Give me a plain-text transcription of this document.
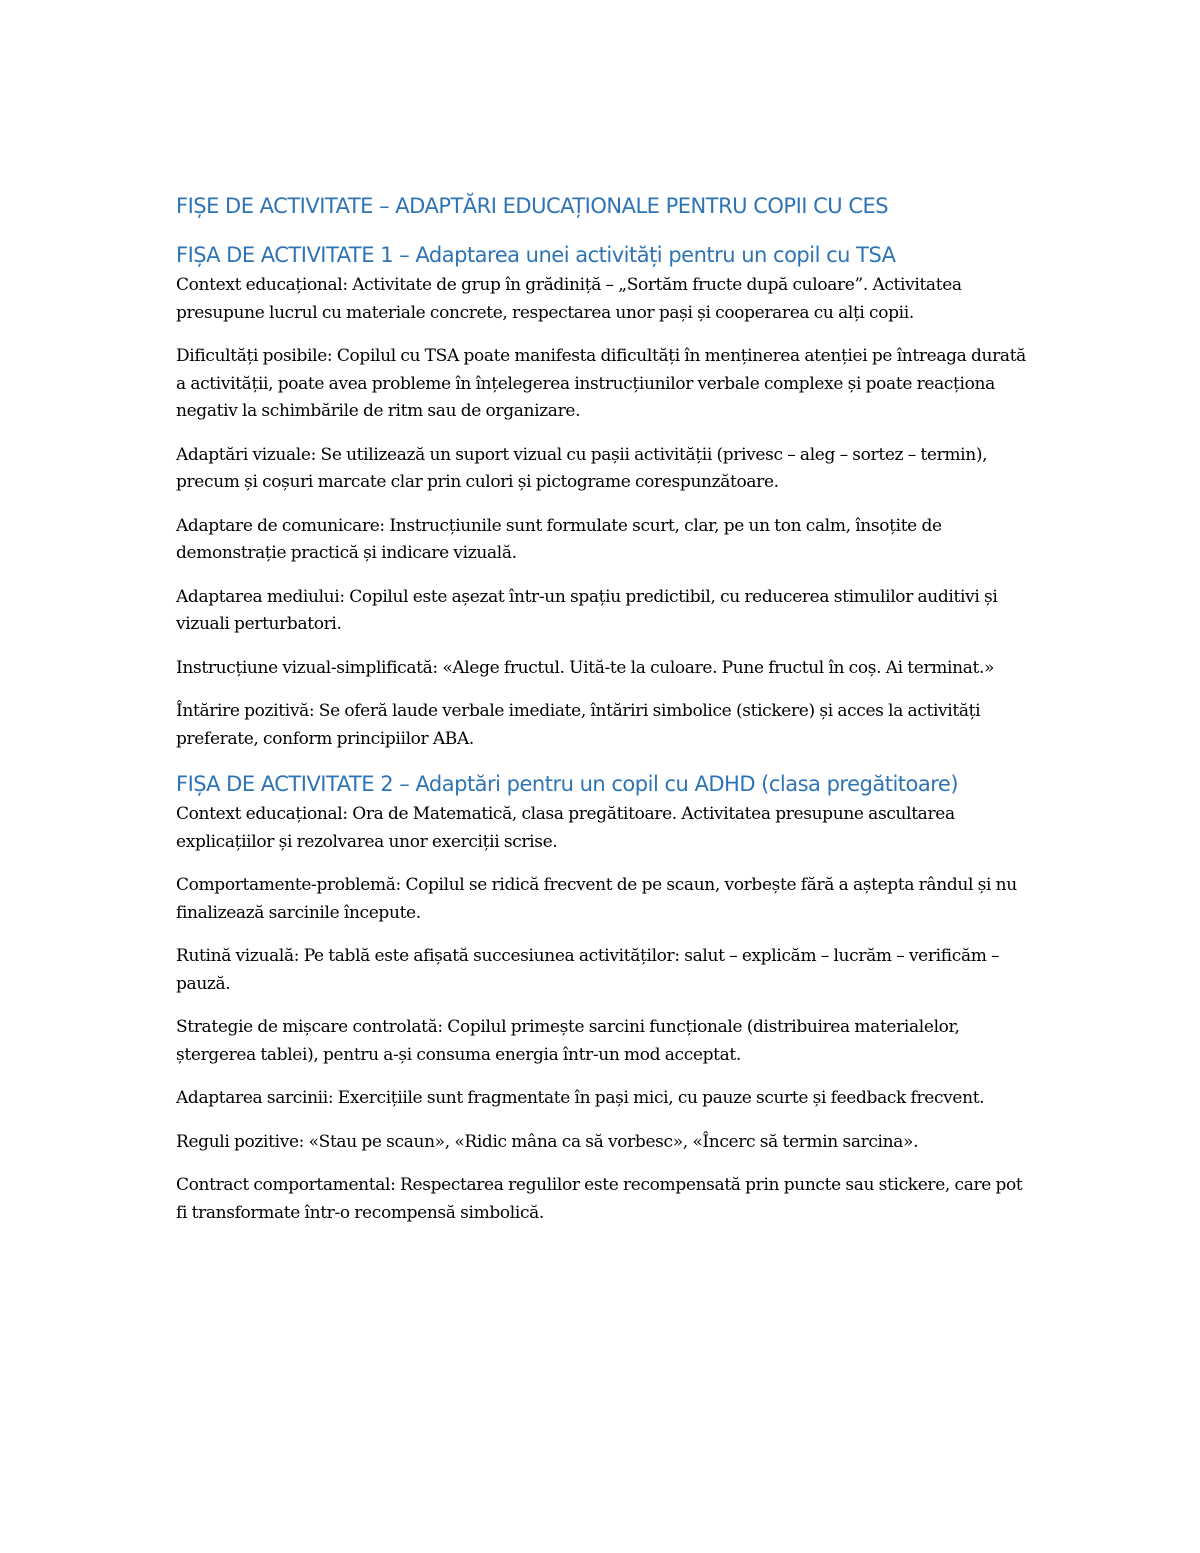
FIȘE DE ACTIVITATE – ADAPTĂRI EDUCAȚIONALE PENTRU COPII CU CES
FIȘA DE ACTIVITATE 1 – Adaptarea unei activități pentru un copil cu TSA

Context educațional: Activitate de grup în grădiniță – „Sortăm fructe după culoare”. Activitatea presupune lucrul cu materiale concrete, respectarea unor pași și cooperarea cu alți copii.

Dificultăți posibile: Copilul cu TSA poate manifesta dificultăți în menținerea atenției pe întreaga durată a activității, poate avea probleme în înțelegerea instrucțiunilor verbale complexe și poate reacționa negativ la schimbările de ritm sau de organizare.

Adaptări vizuale: Se utilizează un suport vizual cu pașii activității (privesc – aleg – sortez – termin), precum și coșuri marcate clar prin culori și pictograme corespunzătoare.

Adaptare de comunicare: Instrucțiunile sunt formulate scurt, clar, pe un ton calm, însoțite de demonstrație practică și indicare vizuală.

Adaptarea mediului: Copilul este așezat într-un spațiu predictibil, cu reducerea stimulilor auditivi și vizuali perturbatori.

Instrucțiune vizual-simplificată: «Alege fructul. Uită-te la culoare. Pune fructul în coș. Ai terminat.»

Întărire pozitivă: Se oferă laude verbale imediate, întăriri simbolice (stickere) și acces la activități preferate, conform principiilor ABA.

FIȘA DE ACTIVITATE 2 – Adaptări pentru un copil cu ADHD (clasa pregătitoare)

Context educațional: Ora de Matematică, clasa pregătitoare. Activitatea presupune ascultarea explicațiilor și rezolvarea unor exerciții scrise.

Comportamente-problemă: Copilul se ridică frecvent de pe scaun, vorbește fără a aștepta rândul și nu finalizează sarcinile începute.

Rutină vizuală: Pe tablă este afișată succesiunea activităților: salut – explicăm – lucrăm – verificăm – pauză.

Strategie de mișcare controlată: Copilul primește sarcini funcționale (distribuirea materialelor, ștergerea tablei), pentru a-și consuma energia într-un mod acceptat.

Adaptarea sarcinii: Exercițiile sunt fragmentate în pași mici, cu pauze scurte și feedback frecvent.

Reguli pozitive: «Stau pe scaun», «Ridic mâna ca să vorbesc», «Încerc să termin sarcina».

Contract comportamental: Respectarea regulilor este recompensată prin puncte sau stickere, care pot fi transformate într-o recompensă simbolică.
